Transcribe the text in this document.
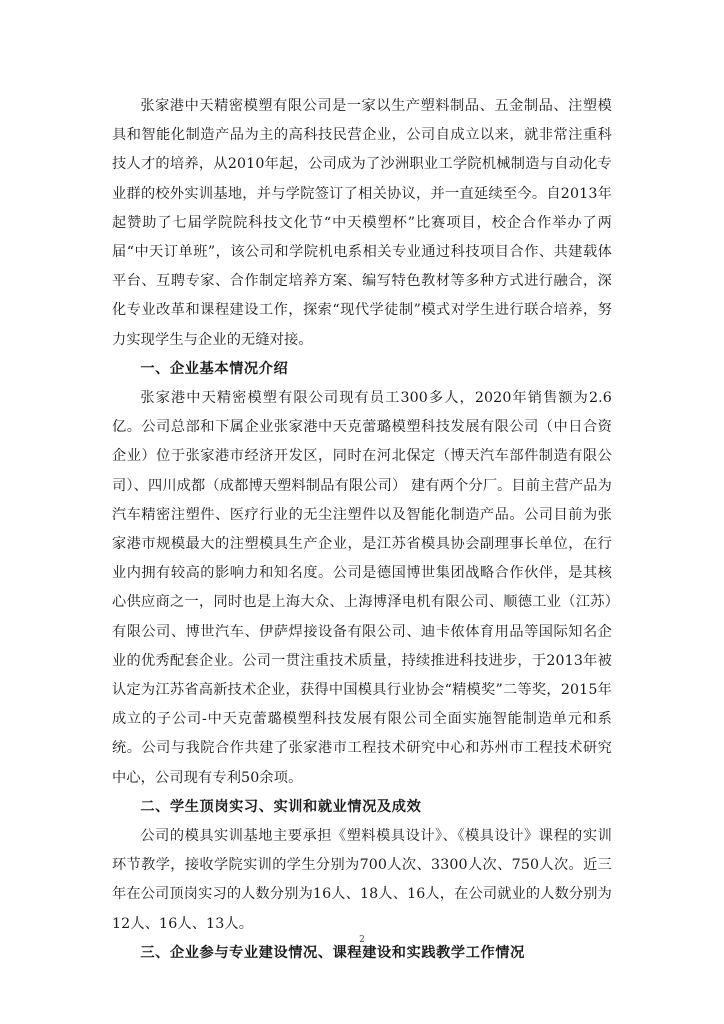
张家港中天精密模塑有限公司是一家以生产塑料制品、五金制品、注塑模具和智能化制造产品为主的高科技民营企业，公司自成立以来，就非常注重科技人才的培养，从2010年起，公司成为了沙洲职业工学院机械制造与自动化专业群的校外实训基地，并与学院签订了相关协议，并一直延续至今。自2013年起赞助了七届学院院科技文化节“中天模塑杯”比赛项目，校企合作举办了两届“中天订单班”，该公司和学院机电系相关专业通过科技项目合作、共建载体平台、互聘专家、合作制定培养方案、编写特色教材等多种方式进行融合，深化专业改革和课程建设工作，探索“现代学徒制”模式对学生进行联合培养，努力实现学生与企业的无缝对接。

一、企业基本情况介绍

张家港中天精密模塑有限公司现有员工300多人，2020年销售额为2.6亿。公司总部和下属企业张家港中天克蕾璐模塑科技发展有限公司（中日合资企业）位于张家港市经济开发区，同时在河北保定（博天汽车部件制造有限公司）、四川成都（成都博天塑料制品有限公司） 建有两个分厂。目前主营产品为汽车精密注塑件、医疗行业的无尘注塑件以及智能化制造产品。公司目前为张家港市规模最大的注塑模具生产企业，是江苏省模具协会副理事长单位，在行业内拥有较高的影响力和知名度。公司是德国博世集团战略合作伙伴，是其核心供应商之一，同时也是上海大众、上海博泽电机有限公司、顺德工业（江苏）有限公司、博世汽车、伊萨焊接设备有限公司、迪卡侬体育用品等国际知名企业的优秀配套企业。公司一贯注重技术质量，持续推进科技进步，于2013年被认定为江苏省高新技术企业，获得中国模具行业协会“精模奖”二等奖，2015年成立的子公司-中天克蕾璐模塑科技发展有限公司全面实施智能制造单元和系统。公司与我院合作共建了张家港市工程技术研究中心和苏州市工程技术研究中心，公司现有专利50余项。

二、学生顶岗实习、实训和就业情况及成效

公司的模具实训基地主要承担《塑料模具设计》、《模具设计》课程的实训环节教学，接收学院实训的学生分别为700人次、3300人次、750人次。近三年在公司顶岗实习的人数分别为16人、18人、16人，在公司就业的人数分别为12人、16人、13人。

三、企业参与专业建设情况、课程建设和实践教学工作情况
2
